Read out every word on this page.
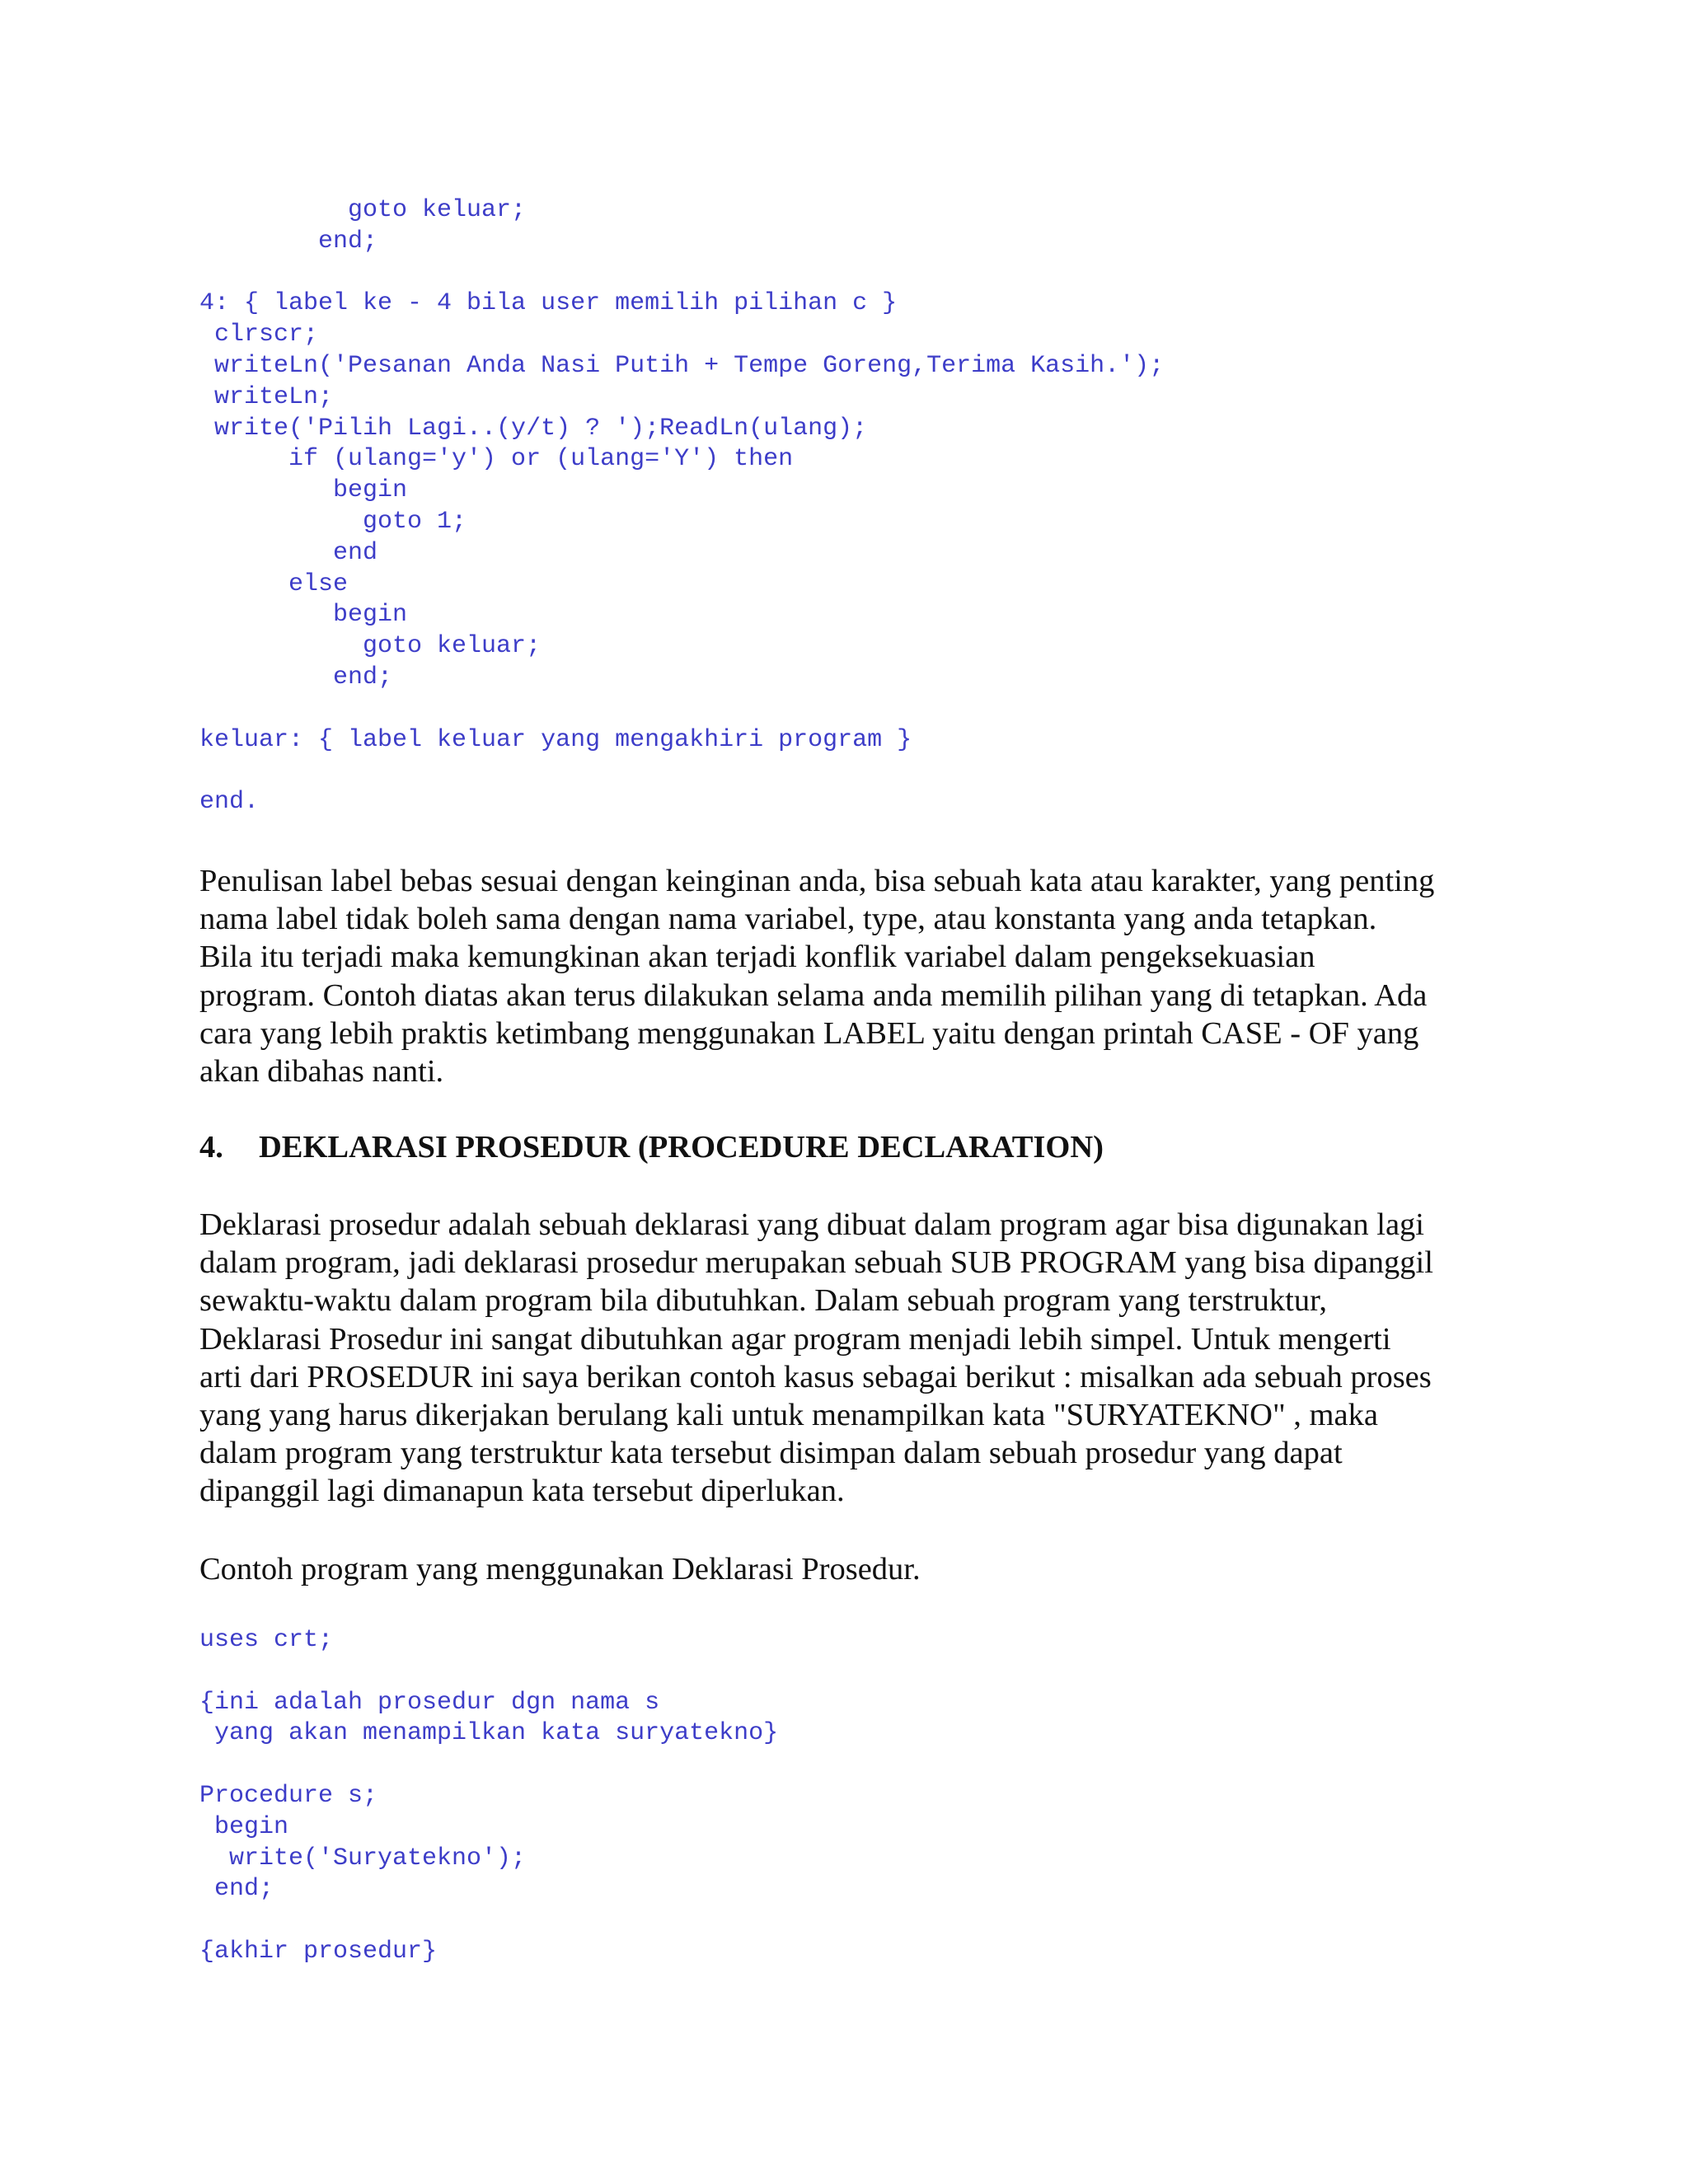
goto keluar;
end;

4: { label ke - 4 bila user memilih pilihan c }
clrscr;
writeLn('Pesanan Anda Nasi Putih + Tempe Goreng,Terima Kasih.');
writeLn;
write('Pilih Lagi..(y/t) ? ');ReadLn(ulang);
if (ulang='y') or (ulang='Y') then
begin
goto 1;
end
else
begin
goto keluar;
end;

keluar: { label keluar yang mengakhiri program }

end.
Penulisan label bebas sesuai dengan keinginan anda, bisa sebuah kata atau karakter, yang penting
nama label tidak boleh sama dengan nama variabel, type, atau konstanta yang anda tetapkan.
Bila itu terjadi maka kemungkinan akan terjadi konflik variabel dalam pengeksekuasian
program. Contoh diatas akan terus dilakukan selama anda memilih pilihan yang di tetapkan. Ada
cara yang lebih praktis ketimbang menggunakan LABEL yaitu dengan printah CASE - OF yang
akan dibahas nanti.
4. DEKLARASI PROSEDUR (PROCEDURE DECLARATION)
Deklarasi prosedur adalah sebuah deklarasi yang dibuat dalam program agar bisa digunakan lagi
dalam program, jadi deklarasi prosedur merupakan sebuah SUB PROGRAM yang bisa dipanggil
sewaktu-waktu dalam program bila dibutuhkan. Dalam sebuah program yang terstruktur,
Deklarasi Prosedur ini sangat dibutuhkan agar program menjadi lebih simpel. Untuk mengerti
arti dari PROSEDUR ini saya berikan contoh kasus sebagai berikut : misalkan ada sebuah proses
yang yang harus dikerjakan berulang kali untuk menampilkan kata "SURYATEKNO" , maka
dalam program yang terstruktur kata tersebut disimpan dalam sebuah prosedur yang dapat
dipanggil lagi dimanapun kata tersebut diperlukan.
Contoh program yang menggunakan Deklarasi Prosedur.
uses crt;

{ini adalah prosedur dgn nama s
yang akan menampilkan kata suryatekno}

Procedure s;
begin
write('Suryatekno');
end;

{akhir prosedur}
